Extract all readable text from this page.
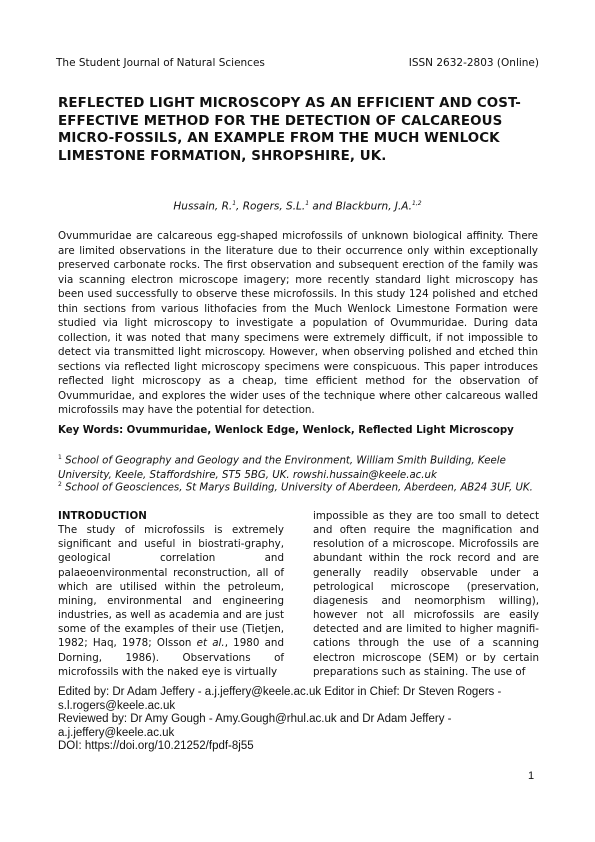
The Student Journal of Natural Sciences	ISSN 2632-2803 (Online)
REFLECTED LIGHT MICROSCOPY AS AN EFFICIENT AND COST-EFFECTIVE METHOD FOR THE DETECTION OF CALCAREOUS MICRO-FOSSILS, AN EXAMPLE FROM THE MUCH WENLOCK LIMESTONE FORMATION, SHROPSHIRE, UK.
Hussain, R.$^1$, Rogers, S.L.$^1$ and Blackburn, J.A.$^{1,2}$

Ovummuridae are calcareous egg-shaped microfossils of unknown biological affinity. There are limited observations in the literature due to their occurrence only within exceptionally preserved carbonate rocks. The first observation and subsequent erection of the family was via scanning electron microscope imagery; more recently standard light microscopy has been used successfully to observe these microfossils. In this study 124 polished and etched thin sections from various lithofacies from the Much Wenlock Limestone Formation were studied via light microscopy to investigate a population of Ovummuridae. During data collection, it was noted that many specimens were extremely difficult, if not impossible to detect via transmitted light microscopy. However, when observing polished and etched thin sections via reflected light microscopy specimens were conspicuous. This paper introduces reflected light microscopy as a cheap, time efficient method for the observation of Ovummuridae, and explores the wider uses of the technique where other calcareous walled microfossils may have the potential for detection.

Key Words: Ovummuridae, Wenlock Edge, Wenlock, Reflected Light Microscopy

$^1$ School of Geography and Geology and the Environment, William Smith Building, Keele University, Keele, Staffordshire, ST5 5BG, UK. rowshi.hussain@keele.ac.uk

$^2$ School of Geosciences, St Marys Building, University of Aberdeen, Aberdeen, AB24 3UF, UK.

INTRODUCTION

The study of microfossils is extremely significant and useful in biostrati-graphy, geological correlation and palaeoenvironmental reconstruction, all of which are utilised within the petroleum, mining, environmental and engineering industries, as well as academia and are just some of the examples of their use (Tietjen, 1982; Haq, 1978; Olsson et al., 1980 and Dorning, 1986). Observations of microfossils with the naked eye is virtually

impossible as they are too small to detect and often require the magnification and resolution of a microscope. Microfossils are abundant within the rock record and are generally readily observable under a petrological microscope (preservation, diagenesis and neomorphism willing), however not all microfossils are easily detected and are limited to higher magnifi-cations through the use of a scanning electron microscope (SEM) or by certain preparations such as staining. The use of

Edited by: Dr Adam Jeffery - a.j.jeffery@keele.ac.uk Editor in Chief: Dr Steven Rogers - s.l.rogers@keele.ac.uk

Reviewed by: Dr Amy Gough - Amy.Gough@rhul.ac.uk and Dr Adam Jeffery - a.j.jeffery@keele.ac.uk

DOI: https://doi.org/10.21252/fpdf-8j55

1
